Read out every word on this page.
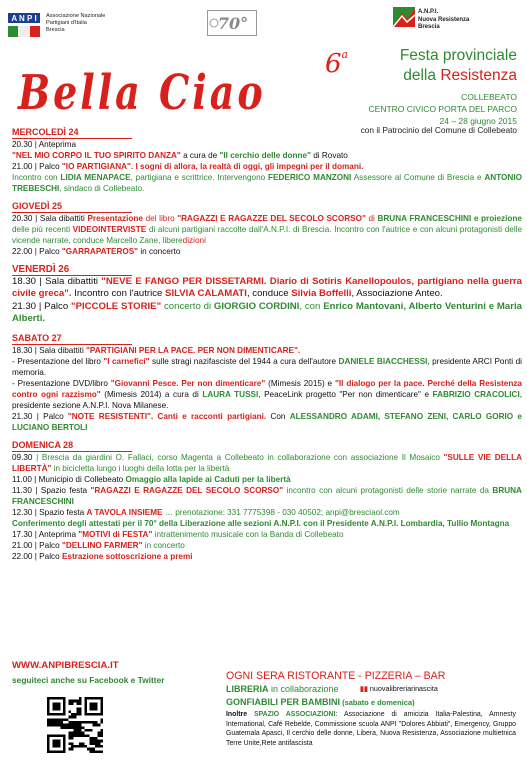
A N P I Associazione Nazionale
Partigiani d'Italia
Brescia	70°
A.N.P.I.
Nuova Resistenza
Brescia
Bella Ciao 6$^a$	Festa provinciale
della Resistenza
COLLEBEATO
CENTRO CIVICO PORTA DEL PARCO
24 – 28 giugno 2015
con il Patrocinio del Comune di Collebeato

MERCOLEDÌ 24

20.30 | Anteprima
"NEL MIO CORPO IL TUO SPIRITO DANZA" a cura de "Il cerchio delle donne" di Rovato

21.00 | Palco "IO PARTIGIANA". I sogni di allora, la realtà di oggi, gli impegni per il domani.

Incontro con LIDIA MENAPACE, partigiana e scrittrice. Intervengono FEDERICO MANZONI Assessore al Comune di Brescia e ANTONIO TREBESCHI, sindaco di Collebeato.

GIOVEDÌ 25

20.30 | Sala dibattiti Presentazione del libro "RAGAZZI E RAGAZZE DEL SECOLO SCORSO" di BRUNA FRANCESCHINI e proiezione delle più recenti VIDEOINTERVISTE di alcuni partigiani raccolte dall'A.N.P.I. di Brescia. Incontro con l'autrice e con alcuni protagonisti delle vicende narrate, conduce Marcello Zane, liberedizioni

22.00 | Palco "GARRAPATEROS" in concerto

VENERDÌ 26

18.30 | Sala dibattiti "NEVE E FANGO PER DISSETARMI. Diario di Sotiris Kanellopoulos, partigiano nella guerra civile greca". Incontro con l'autrice SILVIA CALAMATI, conduce Silvia Boffelli, Associazione Anteo.

21.30 | Palco "PICCOLE STORIE" concerto di GIORGIO CORDINI, con Enrico Mantovani, Alberto Venturini e Maria Alberti.

SABATO 27

18.30 | Sala dibattiti "PARTIGIANI PER LA PACE. PER NON DIMENTICARE".

- Presentazione del libro "I carnefici" sulle stragi nazifasciste del 1944 a cura dell'autore DANIELE BIACCHESSI, presidente ARCI Ponti di memoria.

- Presentazione DVD/libro "Giovanni Pesce. Per non dimenticare" (Mimesis 2015) e "Il dialogo per la pace. Perché della Resistenza contro ogni razzismo" (Mimesis 2014) a cura di LAURA TUSSI, PeaceLink progetto "Per non dimenticare" e FABRIZIO CRACOLICI, presidente sezione A.N.P.I. Nova Milanese.

21.30 | Palco "NOTE RESISTENTI". Canti e racconti partigiani. Con ALESSANDRO ADAMI, STEFANO ZENI, CARLO GORIO e LUCIANO BERTOLI

DOMENICA 28

09.30 | Brescia da giardini O. Fallaci, corso Magenta a Collebeato in collaborazione con associazione Il Mosaico "SULLE VIE DELLA LIBERTÀ" in bicicletta lungo i luoghi della lotta per la libertà

11.00 | Municipio di Collebeato Omaggio alla lapide ai Caduti per la libertà

11.30 | Spazio festa "RAGAZZI E RAGAZZE DEL SECOLO SCORSO" incontro con alcuni protagonisti delle storie narrate da BRUNA FRANCESCHINI

12.30 | Spazio festa A TAVOLA INSIEME … prenotazione: 331 7775398 - 030 40502; anpi@bresciaol.com

Conferimento degli attestati per il 70° della Liberazione alle sezioni A.N.P.I. con il Presidente A.N.P.I. Lombardia, Tullio Montagna

17.30 | Anteprima "MOTIVI di FESTA" intrattenimento musicale con la Banda di Collebeato

21.00 | Palco "DELLINO FARMER" in concerto

22.00 | Palco Estrazione sottoscrizione a premi

WWW.ANPIBRESCIA.IT
seguiteci anche su Facebook e Twitter	OGNI SERA RISTORANTE - PIZZERIA – BAR
LIBRERIA in collaborazione	▮▮ nuovalibreriarinascita
GONFIABILI PER BAMBINI (sabato e domenica)
Inoltre SPAZIO ASSOCIAZIONI: Associazione di amicizia Italia-Palestina, Amnesty International, Café Rebelde, Commissione scuola ANPI "Dolores Abbiati", Emergency, Gruppo Guatemala Apasci, Il cerchio delle donne, Libera, Nuova Resistenza, Associazione multietnica Terre Unite,Rete antifascista
